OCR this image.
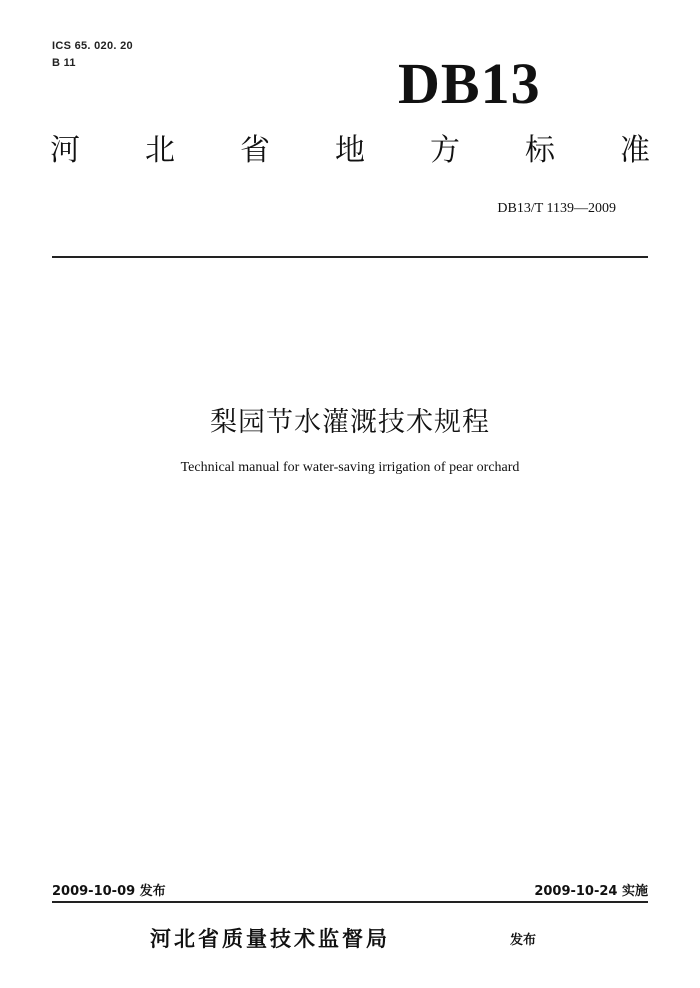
ICS 65. 020. 20
B 11	DB13
河 北 省 地 方 标 准
DB13/T 1139—2009
梨园节水灌溉技术规程
Technical manual for water-saving irrigation of pear orchard
2009-10-09 发布	2009-10-24 实施
河北省质量技术监督局	发布
